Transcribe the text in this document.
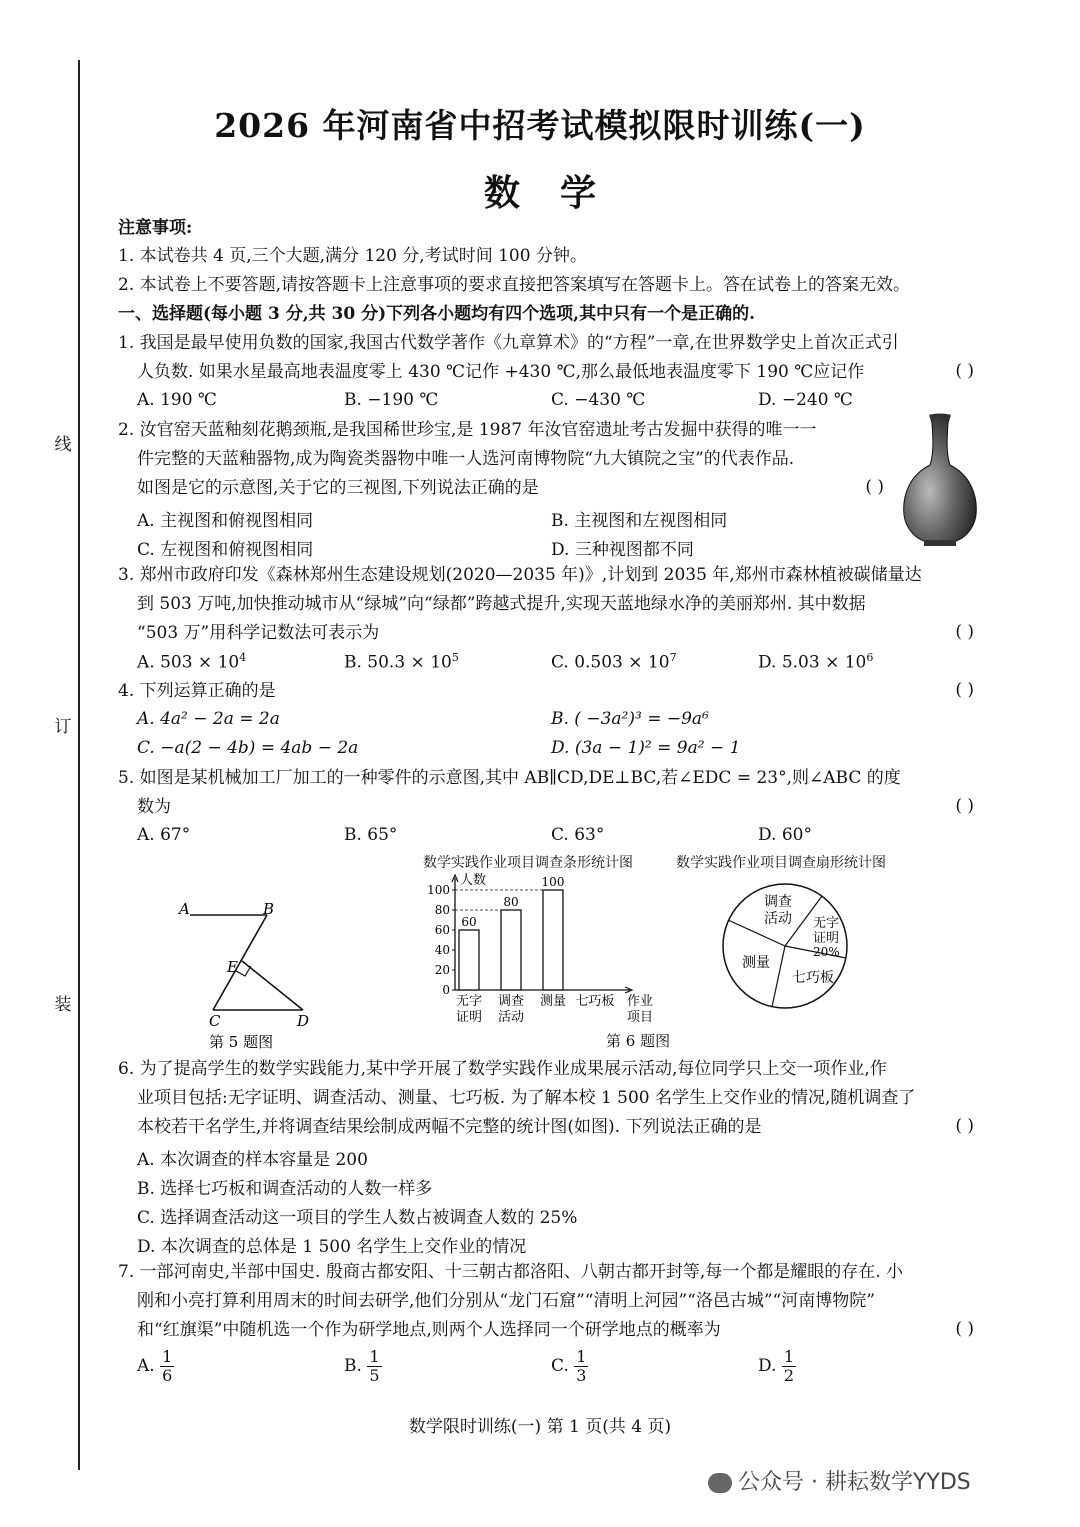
线
订
装
2026 年河南省中招考试模拟限时训练(一)
数学
注意事项:
1. 本试卷共 4 页,三个大题,满分 120 分,考试时间 100 分钟。
2. 本试卷上不要答题,请按答题卡上注意事项的要求直接把答案填写在答题卡上。答在试卷上的答案无效。
一、选择题(每小题 3 分,共 30 分)下列各小题均有四个选项,其中只有一个是正确的.
1. 我国是最早使用负数的国家,我国古代数学著作《九章算术》的“方程”一章,在世界数学史上首次正式引
人负数. 如果水星最高地表温度零上 430 ℃记作 +430 ℃,那么最低地表温度零下 190 ℃应记作	( )
A. 190 ℃	B. −190 ℃	C. −430 ℃	D. −240 ℃
2. 汝官窑天蓝釉刻花鹅颈瓶,是我国稀世珍宝,是 1987 年汝官窑遗址考古发掘中获得的唯一一
件完整的天蓝釉器物,成为陶瓷类器物中唯一人选河南博物院“九大镇院之宝”的代表作品.
如图是它的示意图,关于它的三视图,下列说法正确的是	( )
A. 主视图和俯视图相同	B. 主视图和左视图相同
C. 左视图和俯视图相同	D. 三种视图都不同
3. 郑州市政府印发《森林郑州生态建设规划(2020—2035 年)》,计划到 2035 年,郑州市森林植被碳储量达
到 503 万吨,加快推动城市从“绿城”向“绿都”跨越式提升,实现天蓝地绿水净的美丽郑州. 其中数据
“503 万”用科学记数法可表示为	( )
A. $503 \times 10^4$	B. $50.3 \times 10^5$	C. $0.503 \times 10^7$	D. $5.03 \times 10^6$
4. 下列运算正确的是	( )
A. 4a² − 2a = 2a	B. ( −3a²)³ = −9a⁶
C. −a(2 − 4b) = 4ab − 2a	D. (3a − 1)² = 9a² − 1
5. 如图是某机械加工厂加工的一种零件的示意图,其中 AB∥CD,DE⊥BC,若∠EDC = 23°,则∠ABC 的度
数为	( )
A. 67°	B. 65°	C. 63°	D. 60°
A	B
E
C	D
第 5 题图
数学实践作业项目调查条形统计图	数学实践作业项目调查扇形统计图
人数
0
20
40
60
80
100
60
无字
证明
80
调查
活动
100
测量 七巧板 作业
项目
调查
活动 无字
证明
20%
七巧板
测量
第 6 题图
6. 为了提高学生的数学实践能力,某中学开展了数学实践作业成果展示活动,每位同学只上交一项作业,作
业项目包括:无字证明、调查活动、测量、七巧板. 为了解本校 1 500 名学生上交作业的情况,随机调查了
本校若干名学生,并将调查结果绘制成两幅不完整的统计图(如图). 下列说法正确的是	( )
A. 本次调查的样本容量是 200
B. 选择七巧板和调查活动的人数一样多
C. 选择调查活动这一项目的学生人数占被调查人数的 25%
D. 本次调查的总体是 1 500 名学生上交作业的情况
7. 一部河南史,半部中国史. 殷商古都安阳、十三朝古都洛阳、八朝古都开封等,每一个都是耀眼的存在. 小
刚和小亮打算利用周末的时间去研学,他们分别从“龙门石窟”“清明上河园”“洛邑古城”“河南博物院”
和“红旗渠”中随机选一个作为研学地点,则两个人选择同一个研学地点的概率为	( )
A. $\frac{1}{6}$	B. $\frac{1}{5}$	C. $\frac{1}{3}$	D. $\frac{1}{2}$
数学限时训练(一) 第 1 页(共 4 页)
公众号 · 耕耘数学YYDS
